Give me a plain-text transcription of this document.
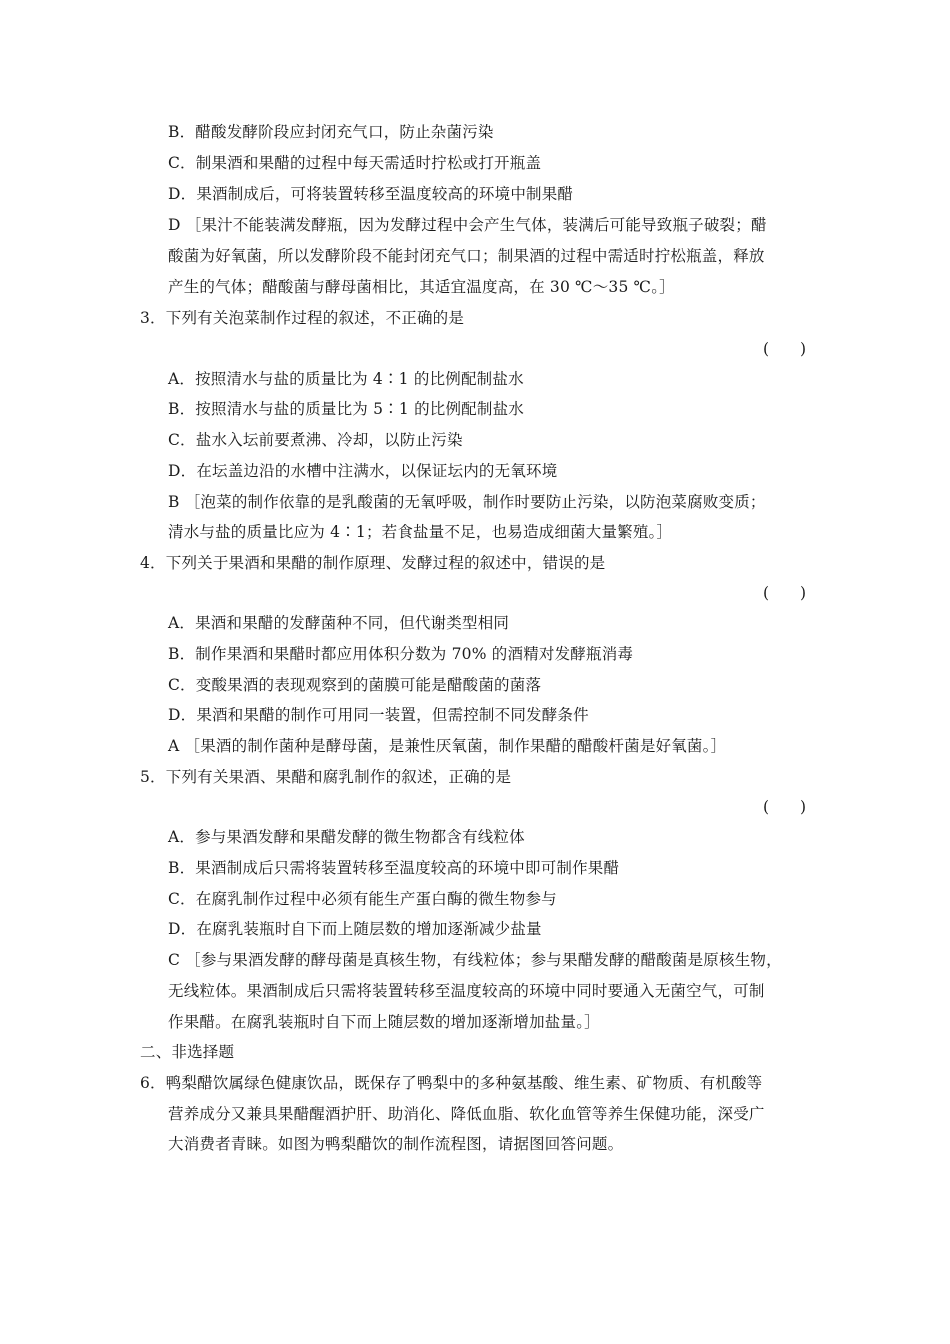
B．醋酸发酵阶段应封闭充气口，防止杂菌污染
C．制果酒和果醋的过程中每天需适时拧松或打开瓶盖
D．果酒制成后，可将装置转移至温度较高的环境中制果醋
D ［果汁不能装满发酵瓶，因为发酵过程中会产生气体，装满后可能导致瓶子破裂；醋
酸菌为好氧菌，所以发酵阶段不能封闭充气口；制果酒的过程中需适时拧松瓶盖，释放
产生的气体；醋酸菌与酵母菌相比，其适宜温度高，在 30 ℃～35 ℃。］
3．下列有关泡菜制作过程的叙述，不正确的是
(　　)
A．按照清水与盐的质量比为 4∶1 的比例配制盐水
B．按照清水与盐的质量比为 5∶1 的比例配制盐水
C．盐水入坛前要煮沸、冷却，以防止污染
D．在坛盖边沿的水槽中注满水，以保证坛内的无氧环境
B ［泡菜的制作依靠的是乳酸菌的无氧呼吸，制作时要防止污染，以防泡菜腐败变质；
清水与盐的质量比应为 4∶1；若食盐量不足，也易造成细菌大量繁殖。］
4．下列关于果酒和果醋的制作原理、发酵过程的叙述中，错误的是
(　　)
A．果酒和果醋的发酵菌种不同，但代谢类型相同
B．制作果酒和果醋时都应用体积分数为 70% 的酒精对发酵瓶消毒
C．变酸果酒的表现观察到的菌膜可能是醋酸菌的菌落
D．果酒和果醋的制作可用同一装置，但需控制不同发酵条件
A ［果酒的制作菌种是酵母菌，是兼性厌氧菌，制作果醋的醋酸杆菌是好氧菌。］
5．下列有关果酒、果醋和腐乳制作的叙述，正确的是
(　　)
A．参与果酒发酵和果醋发酵的微生物都含有线粒体
B．果酒制成后只需将装置转移至温度较高的环境中即可制作果醋
C．在腐乳制作过程中必须有能生产蛋白酶的微生物参与
D．在腐乳装瓶时自下而上随层数的增加逐渐减少盐量
C ［参与果酒发酵的酵母菌是真核生物，有线粒体；参与果醋发酵的醋酸菌是原核生物，
无线粒体。果酒制成后只需将装置转移至温度较高的环境中同时要通入无菌空气，可制
作果醋。在腐乳装瓶时自下而上随层数的增加逐渐增加盐量。］
二、非选择题
6．鸭梨醋饮属绿色健康饮品，既保存了鸭梨中的多种氨基酸、维生素、矿物质、有机酸等
营养成分又兼具果醋醒酒护肝、助消化、降低血脂、软化血管等养生保健功能，深受广
大消费者青睐。如图为鸭梨醋饮的制作流程图，请据图回答问题。
